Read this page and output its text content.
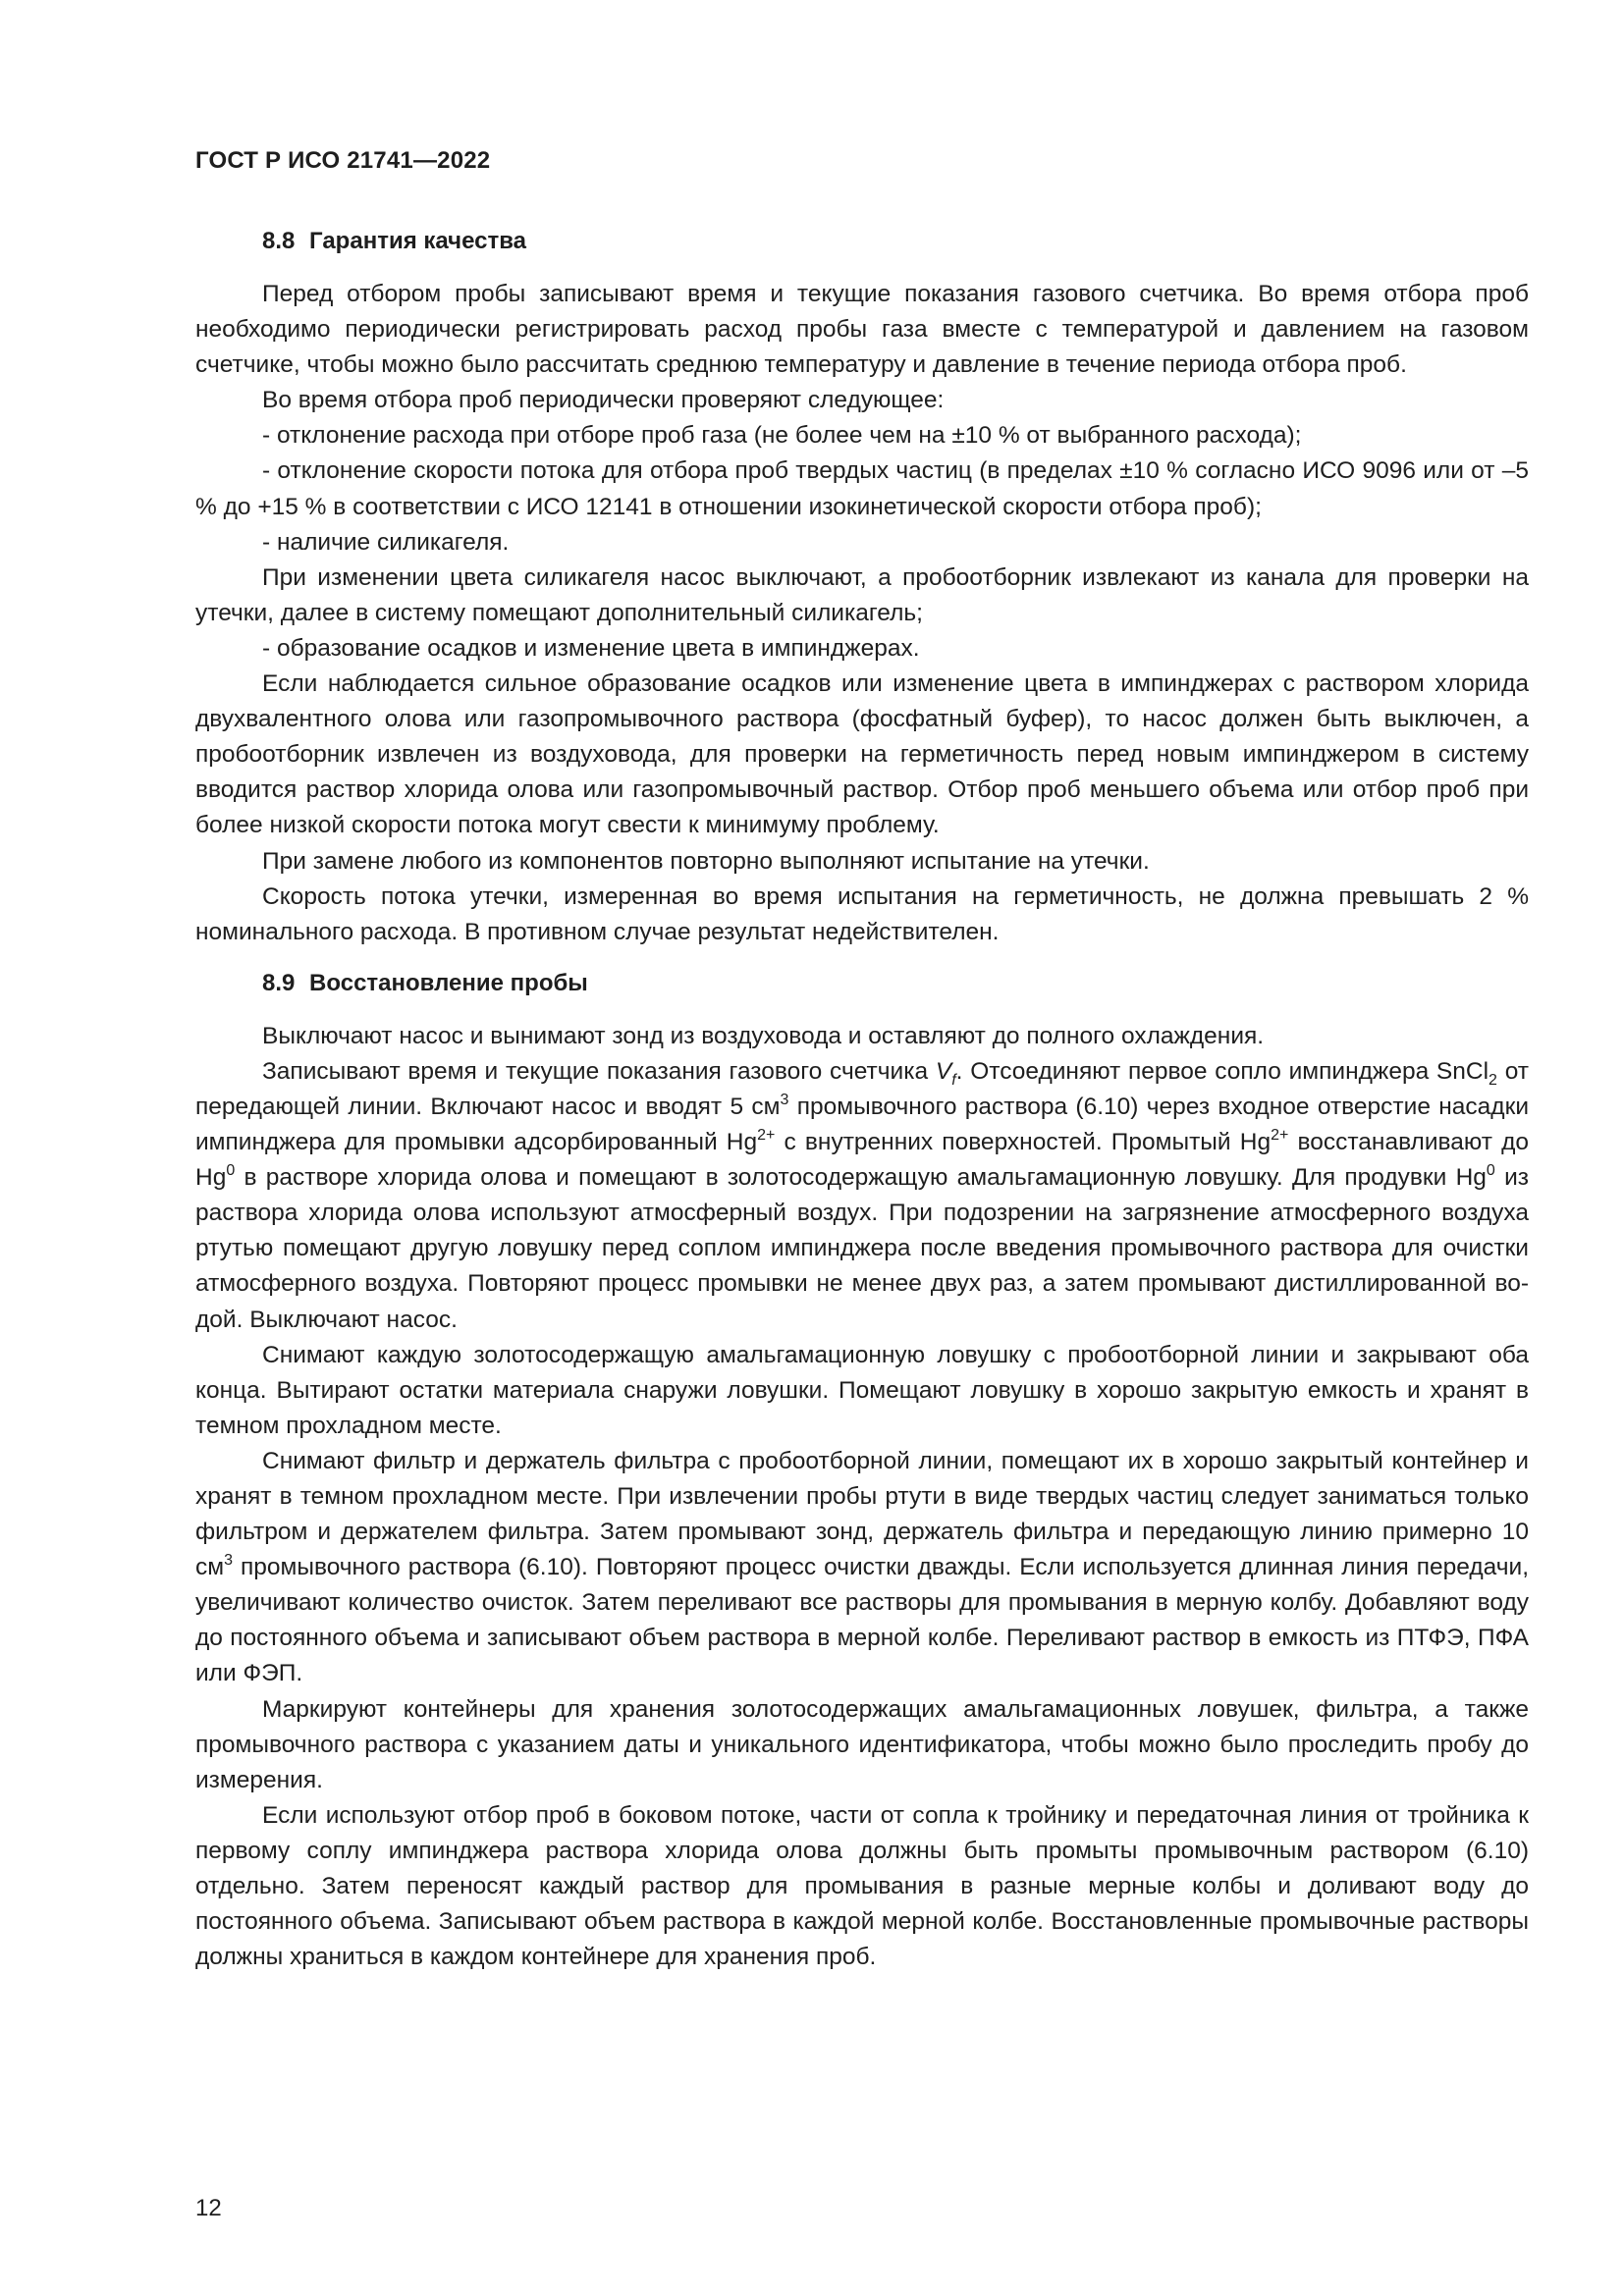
ГОСТ Р ИСО 21741—2022
8.8 Гарантия качества

Перед отбором пробы записывают время и текущие показания газового счетчика. Во время отбора проб необходимо периодически регистрировать расход пробы газа вместе с температурой и давлением на газовом счетчике, чтобы можно было рассчитать среднюю температуру и давление в течение периода отбора проб.

Во время отбора проб периодически проверяют следующее:

- отклонение расхода при отборе проб газа (не более чем на ±10 % от выбранного расхода);

- отклонение скорости потока для отбора проб твердых частиц (в пределах ±10 % согласно ИСО 9096 или от –5 % до +15 % в соответствии с ИСО 12141 в отношении изокинетической скорости отбора проб);

- наличие силикагеля.

При изменении цвета силикагеля насос выключают, а пробоотборник извлекают из канала для проверки на утечки, далее в систему помещают дополнительный силикагель;

- образование осадков и изменение цвета в импинджерах.

Если наблюдается сильное образование осадков или изменение цвета в импинджерах с раствором хлорида двухвалентного олова или газопромывочного раствора (фосфатный буфер), то насос должен быть выключен, а пробоотборник извлечен из воздуховода, для проверки на герметичность перед новым импинджером в систему вводится раствор хлорида олова или газопромывочный раствор. Отбор проб меньшего объема или отбор проб при более низкой скорости потока могут свести к минимуму проблему.

При замене любого из компонентов повторно выполняют испытание на утечки.

Скорость потока утечки, измеренная во время испытания на герметичность, не должна превышать 2 % номинального расхода. В противном случае результат недействителен.

8.9 Восстановление пробы

Выключают насос и вынимают зонд из воздуховода и оставляют до полного охлаждения.

Записывают время и текущие показания газового счетчика $V_f$. Отсоединяют первое сопло импинджера SnCl$_2$ от передающей линии. Включают насос и вводят 5 $см^3$ промывочного раствора (6.10) через входное отверстие насадки импинджера для промывки адсорбированный $Hg^{2+}$ с внутренних поверхностей. Промытый $Hg^{2+}$ восстанавливают до Hg$^0$ в растворе хлорида олова и помещают в золотосодержащую амальгамационную ловушку. Для продувки Hg$^0$ из раствора хлорида олова используют атмосферный воздух. При подозрении на загрязнение атмосферного воздуха ртутью помещают другую ловушку перед соплом импинджера после введения промывочного раствора для очистки атмосферного воздуха. Повторяют процесс промывки не менее двух раз, а затем промывают дистиллированной водой. Выключают насос.

Снимают каждую золотосодержащую амальгамационную ловушку с пробоотборной линии и закрывают оба конца. Вытирают остатки материала снаружи ловушки. Помещают ловушку в хорошо закрытую емкость и хранят в темном прохладном месте.

Снимают фильтр и держатель фильтра с пробоотборной линии, помещают их в хорошо закрытый контейнер и хранят в темном прохладном месте. При извлечении пробы ртути в виде твердых частиц следует заниматься только фильтром и держателем фильтра. Затем промывают зонд, держатель фильтра и передающую линию примерно 10 $см^3$ промывочного раствора (6.10). Повторяют процесс очистки дважды. Если используется длинная линия передачи, увеличивают количество очисток. Затем переливают все растворы для промывания в мерную колбу. Добавляют воду до постоянного объема и записывают объем раствора в мерной колбе. Переливают раствор в емкость из ПТФЭ, ПФА или ФЭП.

Маркируют контейнеры для хранения золотосодержащих амальгамационных ловушек, фильтра, а также промывочного раствора с указанием даты и уникального идентификатора, чтобы можно было проследить пробу до измерения.

Если используют отбор проб в боковом потоке, части от сопла к тройнику и передаточная линия от тройника к первому соплу импинджера раствора хлорида олова должны быть промыты промывочным раствором (6.10) отдельно. Затем переносят каждый раствор для промывания в разные мерные колбы и доливают воду до постоянного объема. Записывают объем раствора в каждой мерной колбе. Восстановленные промывочные растворы должны храниться в каждом контейнере для хранения проб.

12
